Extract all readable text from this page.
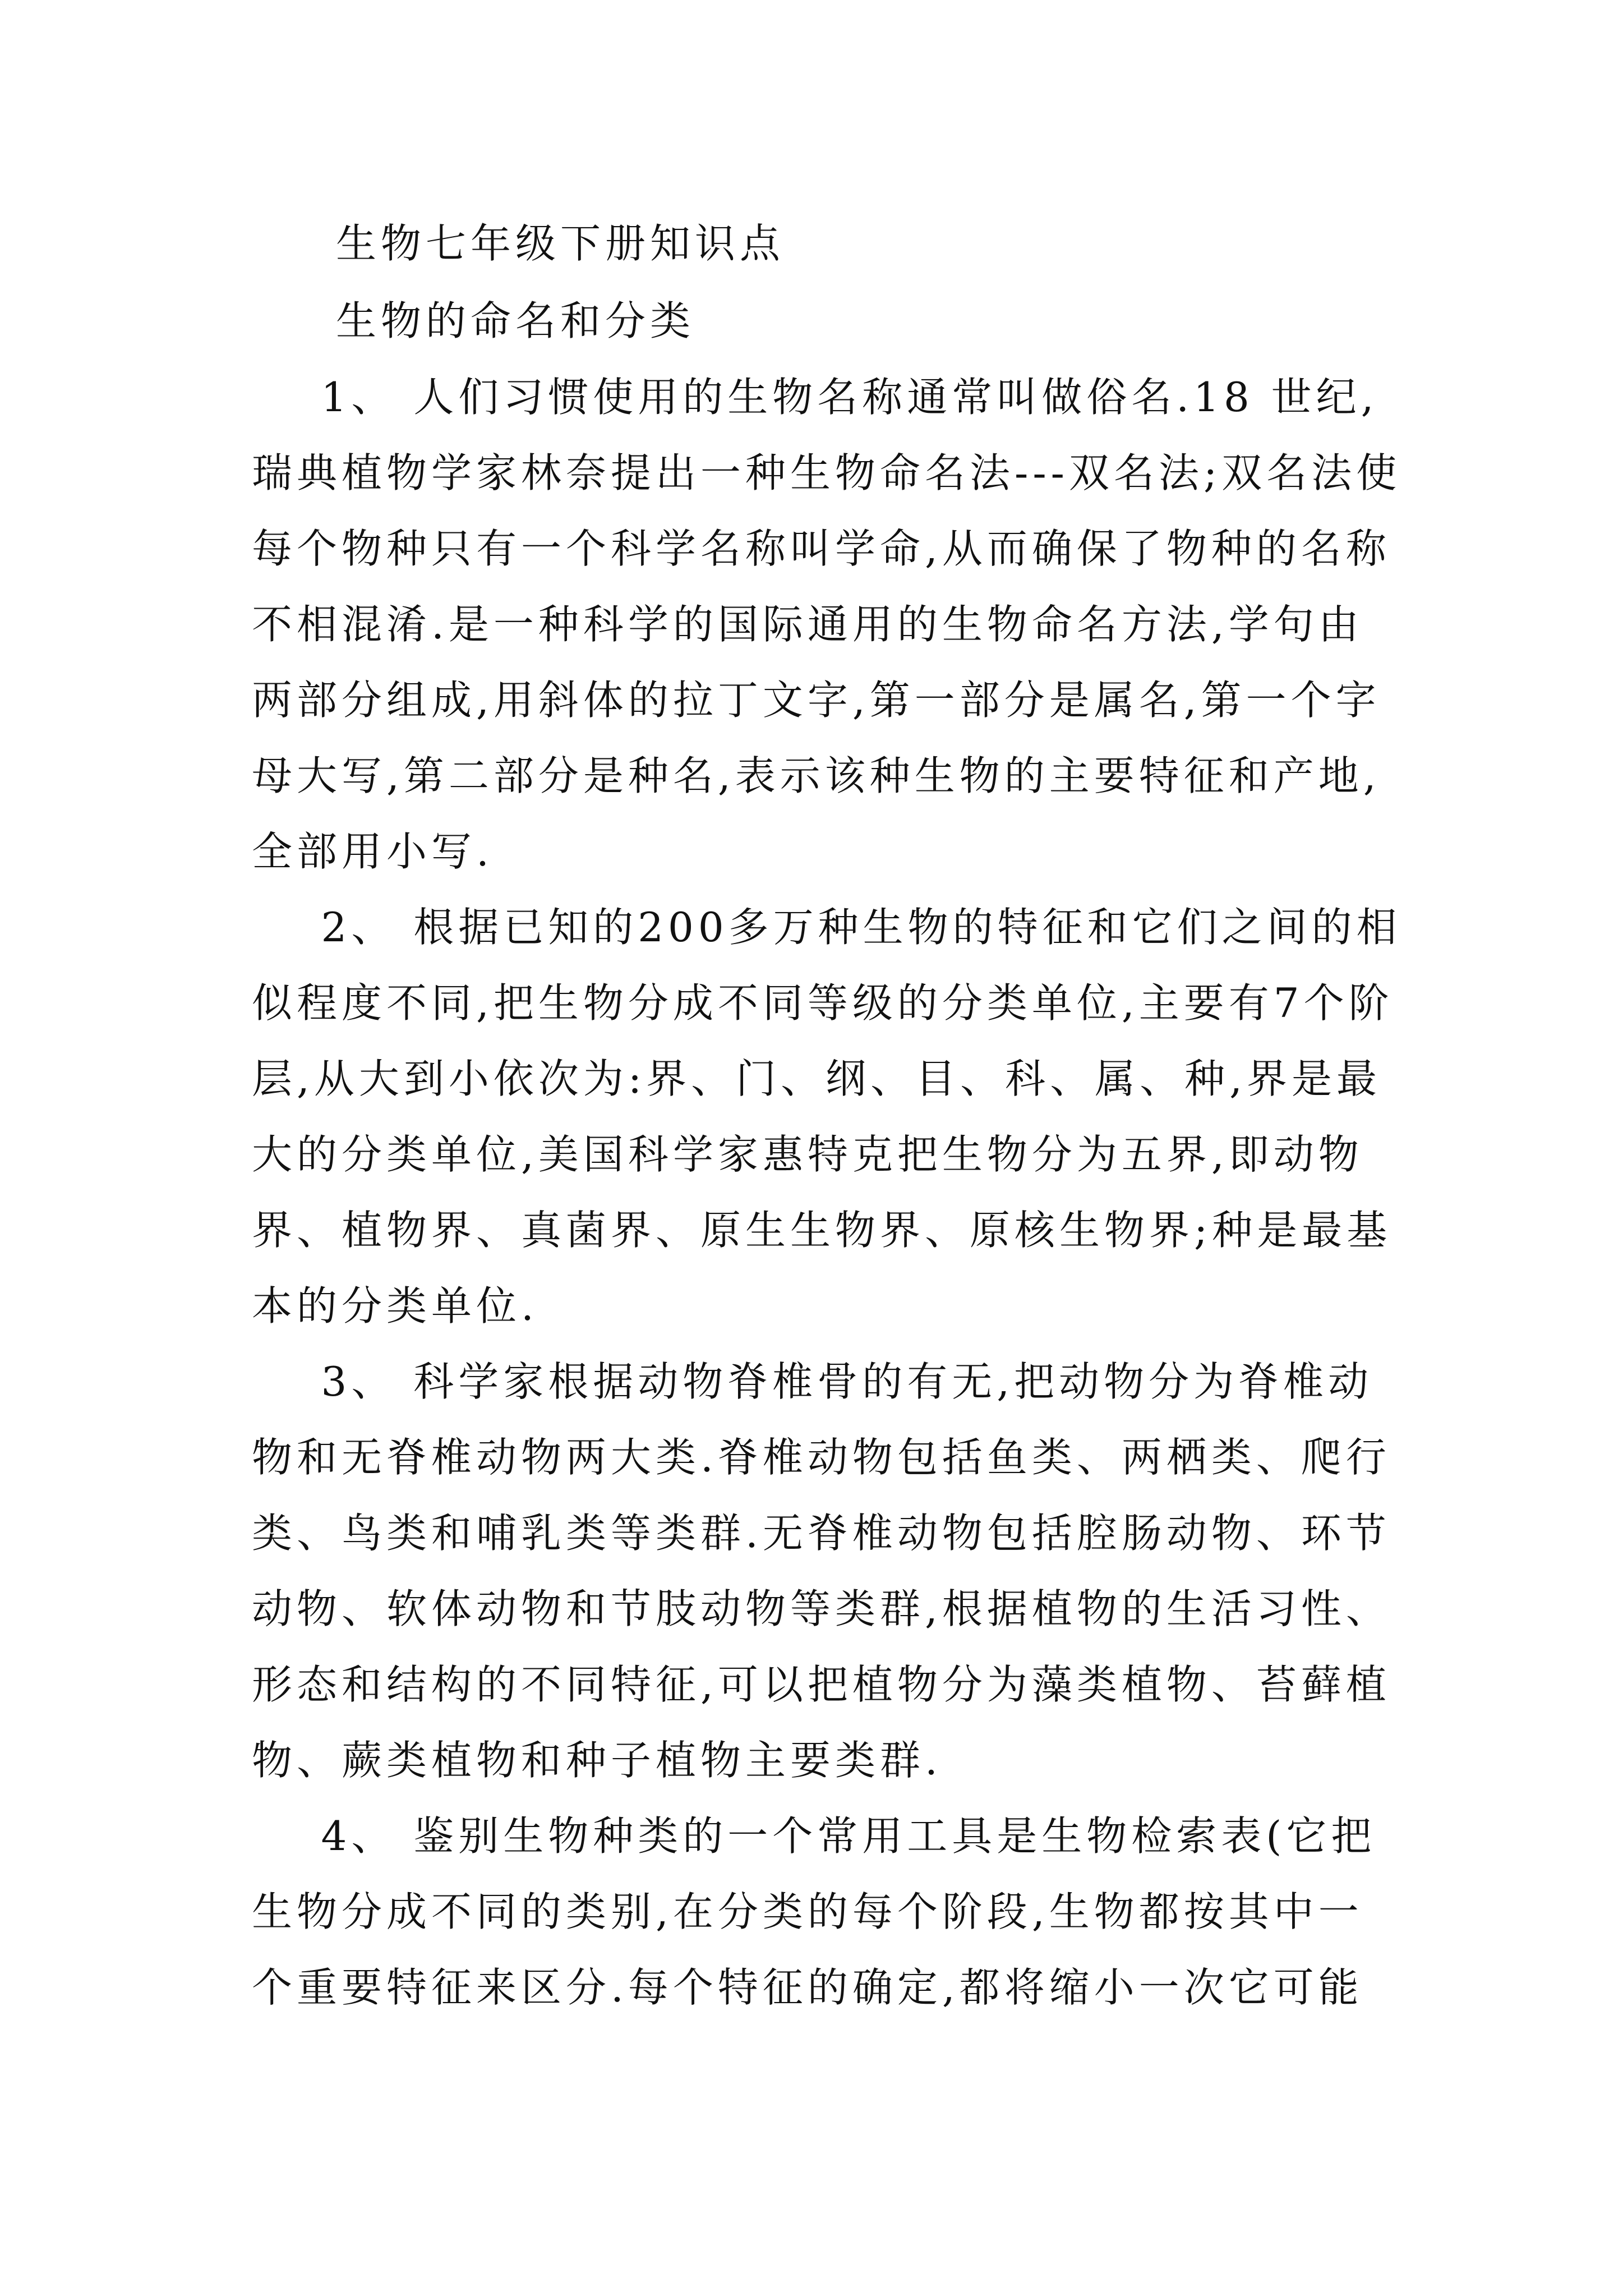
生物七年级下册知识点
生物的命名和分类
1、 人们习惯使用的生物名称通常叫做俗名.18 世纪,
瑞典植物学家林奈提出一种生物命名法---双名法;双名法使
每个物种只有一个科学名称叫学命,从而确保了物种的名称
不相混淆.是一种科学的国际通用的生物命名方法,学句由
两部分组成,用斜体的拉丁文字,第一部分是属名,第一个字
母大写,第二部分是种名,表示该种生物的主要特征和产地,
全部用小写.
2、 根据已知的200多万种生物的特征和它们之间的相
似程度不同,把生物分成不同等级的分类单位,主要有7个阶
层,从大到小依次为:界、门、纲、目、科、属、种,界是最
大的分类单位,美国科学家惠特克把生物分为五界,即动物
界、植物界、真菌界、原生生物界、原核生物界;种是最基
本的分类单位.
3、 科学家根据动物脊椎骨的有无,把动物分为脊椎动
物和无脊椎动物两大类.脊椎动物包括鱼类、两栖类、爬行
类、鸟类和哺乳类等类群.无脊椎动物包括腔肠动物、环节
动物、软体动物和节肢动物等类群,根据植物的生活习性、
形态和结构的不同特征,可以把植物分为藻类植物、苔藓植
物、蕨类植物和种子植物主要类群.
4、 鉴别生物种类的一个常用工具是生物检索表(它把
生物分成不同的类别,在分类的每个阶段,生物都按其中一
个重要特征来区分.每个特征的确定,都将缩小一次它可能
